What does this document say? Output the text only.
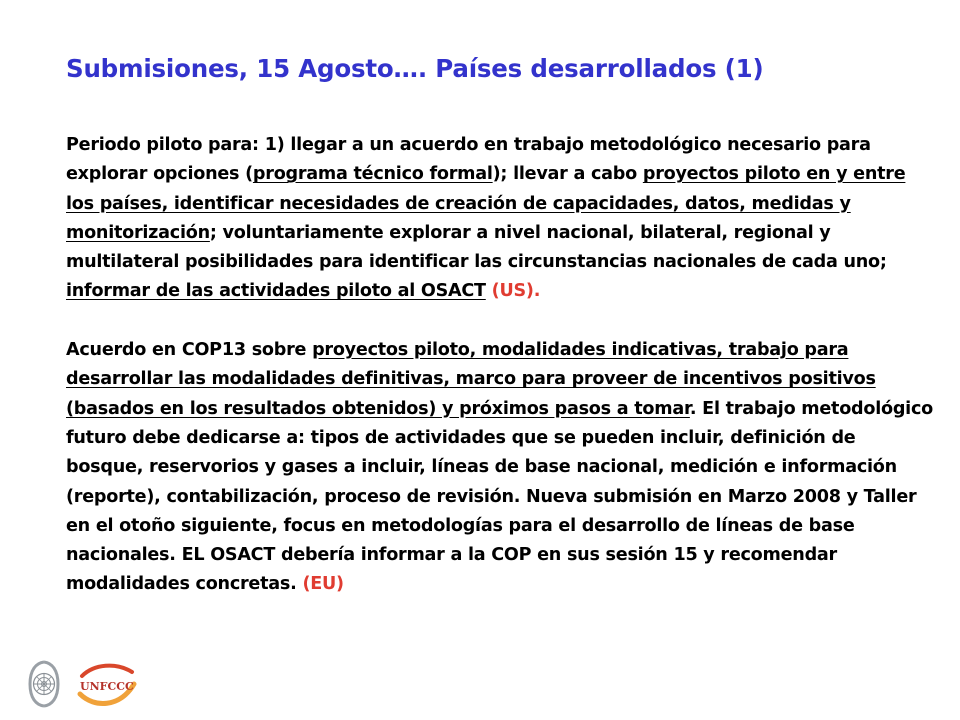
Submisiones, 15 Agosto…. Países desarrollados (1)

Periodo piloto para: 1) llegar a un acuerdo en trabajo metodológico necesario para explorar opciones (programa técnico formal); llevar a cabo proyectos piloto en y entre los países, identificar necesidades de creación de capacidades, datos, medidas y monitorización; voluntariamente explorar a nivel nacional, bilateral, regional y multilateral posibilidades para identificar las circunstancias nacionales de cada uno; informar de las actividades piloto al OSACT (US).

Acuerdo en COP13 sobre proyectos piloto, modalidades indicativas, trabajo para desarrollar las modalidades definitivas, marco para proveer de incentivos positivos (basados en los resultados obtenidos) y próximos pasos a tomar. El trabajo metodológico futuro debe dedicarse a: tipos de actividades que se pueden incluir, definición de bosque, reservorios y gases a incluir, líneas de base nacional, medición e información (reporte), contabilización, proceso de revisión. Nueva submisión en Marzo 2008 y Taller en el otoño siguiente, focus en metodologías para el desarrollo de líneas de base nacionales. EL OSACT debería informar a la COP en sus sesión 15 y recomendar modalidades concretas. (EU)

UNFCCC
